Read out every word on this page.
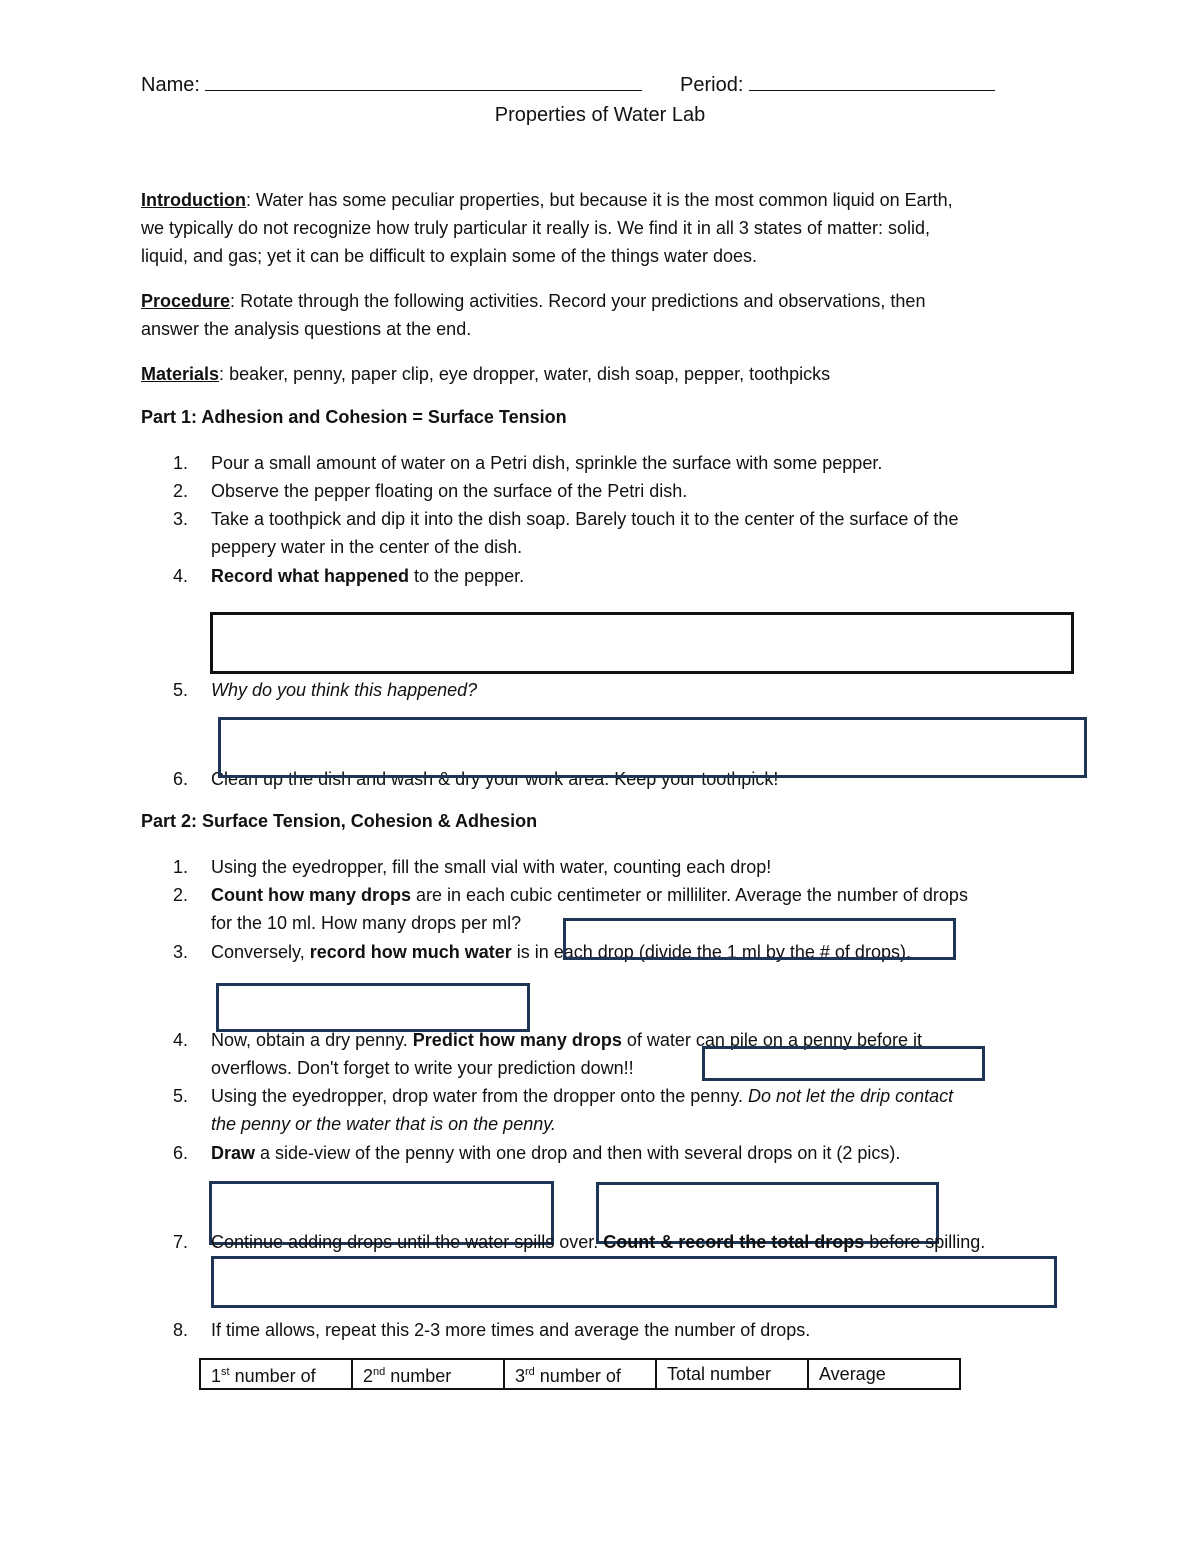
Name:	Period:
Properties of Water Lab
Introduction: Water has some peculiar properties, but because it is the most common liquid on Earth,
we typically do not recognize how truly particular it really is. We find it in all 3 states of matter: solid,
liquid, and gas; yet it can be difficult to explain some of the things water does.
Procedure: Rotate through the following activities. Record your predictions and observations, then
answer the analysis questions at the end.
Materials: beaker, penny, paper clip, eye dropper, water, dish soap, pepper, toothpicks
Part 1: Adhesion and Cohesion = Surface Tension
1. Pour a small amount of water on a Petri dish, sprinkle the surface with some pepper.
2. Observe the pepper floating on the surface of the Petri dish.
3. Take a toothpick and dip it into the dish soap. Barely touch it to the center of the surface of the
peppery water in the center of the dish.
4. Record what happened to the pepper.
5. Why do you think this happened?
6. Clean up the dish and wash & dry your work area. Keep your toothpick!
Part 2: Surface Tension, Cohesion & Adhesion
1. Using the eyedropper, fill the small vial with water, counting each drop!
2. Count how many drops are in each cubic centimeter or milliliter. Average the number of drops
for the 10 ml. How many drops per ml?
3. Conversely, record how much water is in each drop (divide the 1 ml by the # of drops).
4. Now, obtain a dry penny. Predict how many drops of water can pile on a penny before it
overflows. Don't forget to write your prediction down!!
5. Using the eyedropper, drop water from the dropper onto the penny. Do not let the drip contact
the penny or the water that is on the penny.
6. Draw a side-view of the penny with one drop and then with several drops on it (2 pics).
7. Continue adding drops until the water spills over. Count & record the total drops before spilling.
8. If time allows, repeat this 2-3 more times and average the number of drops.
1st number of	2nd number	3rd number of	Total number	Average
